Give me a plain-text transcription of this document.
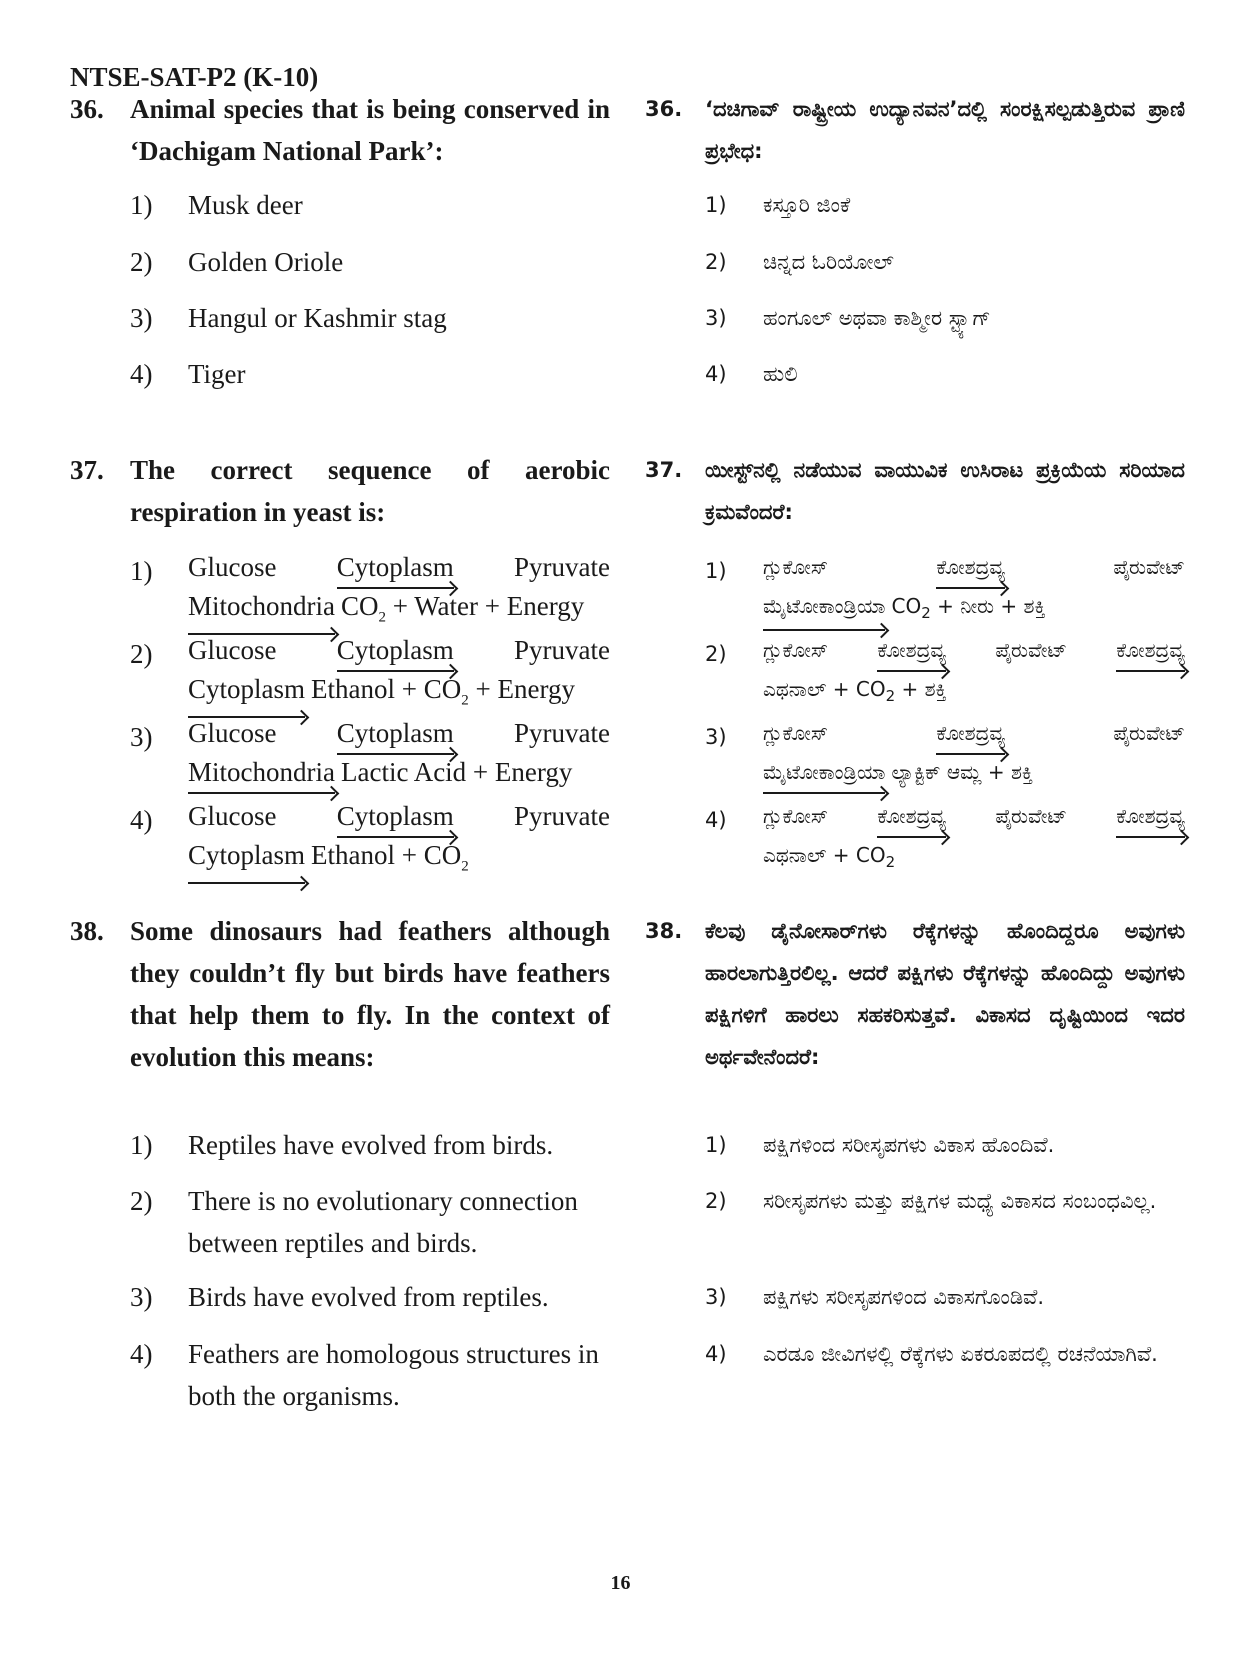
NTSE-SAT-P2 (K-10)
36. Animal species that is being conserved in ‘Dachigam National Park’:
1)	Musk deer
2)	Golden Oriole
3)	Hangul or Kashmir stag
4)	Tiger
37. The correct sequence of aerobic respiration in yeast is:
1)	Glucose Cytoplasm Pyruvate
Mitochondria $CO_2$ + Water + Energy
2)	Glucose Cytoplasm Pyruvate
Cytoplasm Ethanol + $CO_2$ + Energy
3)	Glucose Cytoplasm Pyruvate
Mitochondria Lactic Acid + Energy
4)	Glucose Cytoplasm Pyruvate
Cytoplasm Ethanol + $CO_2$
38. Some dinosaurs had feathers although they couldn’t fly but birds have feathers that help them to fly. In the context of evolution this means:
1)	Reptiles have evolved from birds.
2)	There is no evolutionary connection between reptiles and birds.
3)	Birds have evolved from reptiles.
4)	Feathers are homologous structures in both the organisms.
36.	‘ದಚಿಗಾವ್ ರಾಷ್ಟ್ರೀಯ ಉದ್ಯಾನವನ’ದಲ್ಲಿ ಸಂರಕ್ಷಿಸಲ್ಪಡುತ್ತಿರುವ ಪ್ರಾಣಿ ಪ್ರಭೇಧ:
1)	ಕಸ್ತೂರಿ ಜಿಂಕೆ
2)	ಚಿನ್ನದ ಓರಿಯೋಲ್
3)	ಹಂಗೂಲ್ ಅಥವಾ ಕಾಶ್ಮೀರ ಸ್ಟ್ಯಾಗ್
4)	ಹುಲಿ
37.	ಯೀಸ್ಟ್‌ನಲ್ಲಿ ನಡೆಯುವ ವಾಯುವಿಕ ಉಸಿರಾಟ ಪ್ರಕ್ರಿಯೆಯ ಸರಿಯಾದ ಕ್ರಮವೆಂದರೆ:
1)	ಗ್ಲುಕೋಸ್	ಕೋಶದ್ರವ್ಯ	ಪೈರುವೇಟ್
ಮೈಟೋಕಾಂಡ್ರಿಯಾ $CO_2$ + ನೀರು + ಶಕ್ತಿ
2)	ಗ್ಲುಕೋಸ್ ಕೋಶದ್ರವ್ಯ ಪೈರುವೇಟ್ ಕೋಶದ್ರವ್ಯ
ಎಥನಾಲ್ + $CO_2$ + ಶಕ್ತಿ
3)	ಗ್ಲುಕೋಸ್	ಕೋಶದ್ರವ್ಯ	ಪೈರುವೇಟ್
ಮೈಟೋಕಾಂಡ್ರಿಯಾ ಲ್ಯಾಕ್ಟಿಕ್ ಆಮ್ಲ + ಶಕ್ತಿ
4)	ಗ್ಲುಕೋಸ್ ಕೋಶದ್ರವ್ಯ ಪೈರುವೇಟ್ ಕೋಶದ್ರವ್ಯ
ಎಥನಾಲ್ + $CO_2$
38.	ಕೆಲವು ಡೈನೋಸಾರ್‌ಗಳು ರೆಕ್ಕೆಗಳನ್ನು ಹೊಂದಿದ್ದರೂ ಅವುಗಳು ಹಾರಲಾಗುತ್ತಿರಲಿಲ್ಲ. ಆದರೆ ಪಕ್ಷಿಗಳು ರೆಕ್ಕೆಗಳನ್ನು ಹೊಂದಿದ್ದು ಅವುಗಳು ಪಕ್ಷಿಗಳಿಗೆ ಹಾರಲು ಸಹಕರಿಸುತ್ತವೆ. ವಿಕಾಸದ ದೃಷ್ಟಿಯಿಂದ ಇದರ ಅರ್ಥವೇನೆಂದರೆ:
1)	ಪಕ್ಷಿಗಳಿಂದ ಸರೀಸೃಪಗಳು ವಿಕಾಸ ಹೊಂದಿವೆ.
2)	ಸರೀಸೃಪಗಳು ಮತ್ತು ಪಕ್ಷಿಗಳ ಮಧ್ಯೆ ವಿಕಾಸದ ಸಂಬಂಧವಿಲ್ಲ.
3)	ಪಕ್ಷಿಗಳು ಸರೀಸೃಪಗಳಿಂದ ವಿಕಾಸಗೊಂಡಿವೆ.
4)	ಎರಡೂ ಜೀವಿಗಳಲ್ಲಿ ರೆಕ್ಕೆಗಳು ಏಕರೂಪದಲ್ಲಿ ರಚನೆಯಾಗಿವೆ.
16
